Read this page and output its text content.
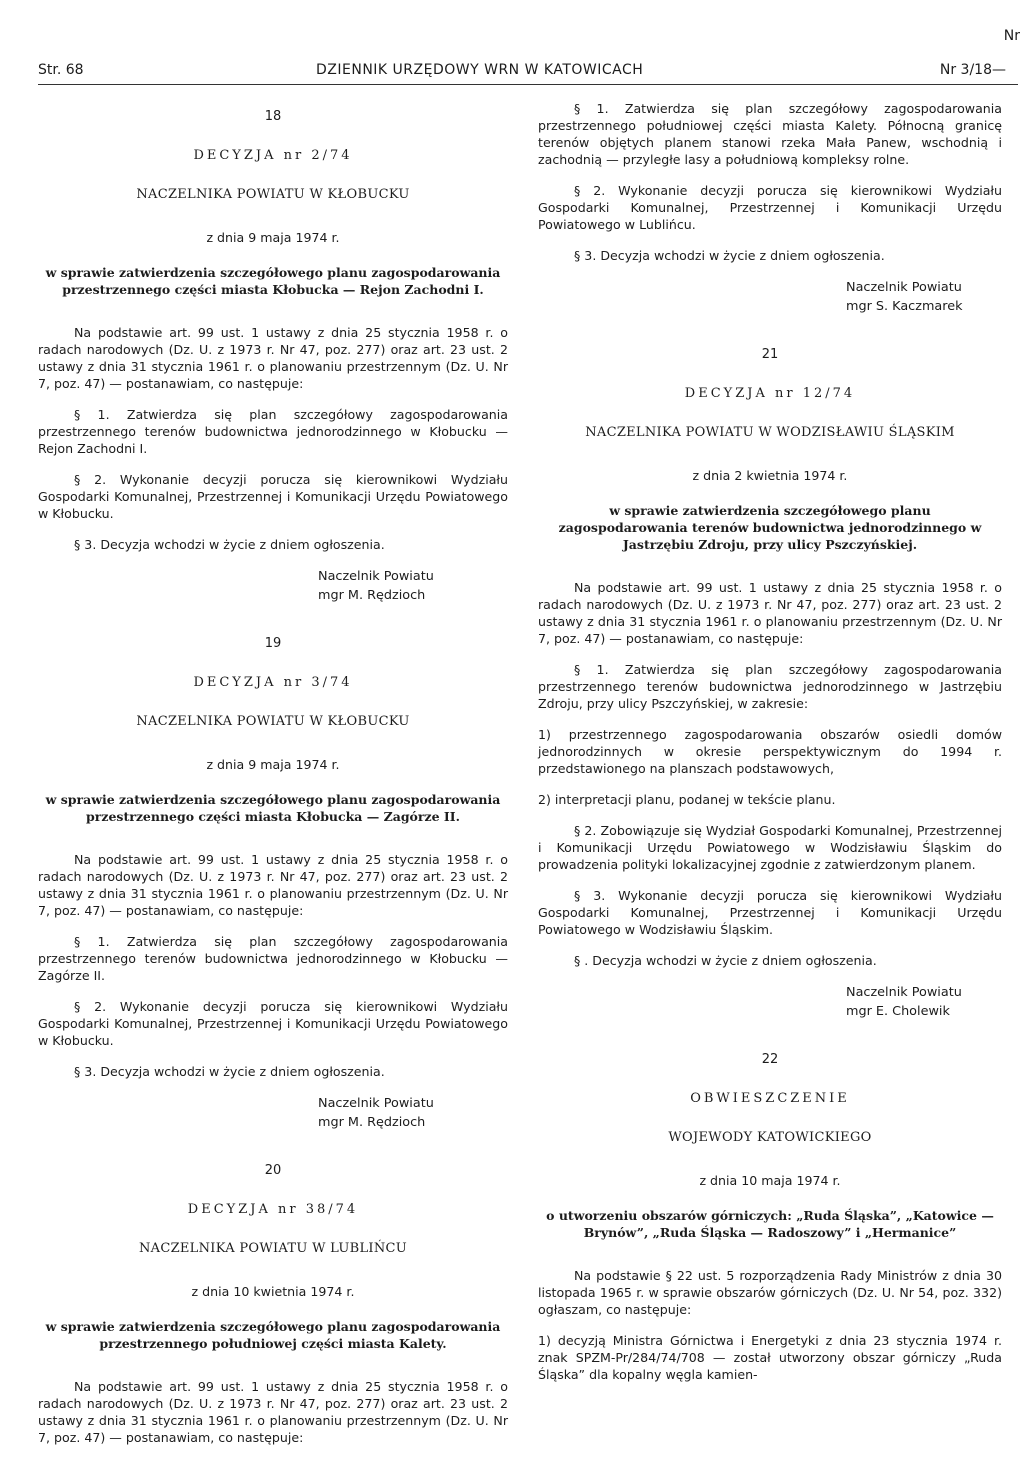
Nr
Str. 68	DZIENNIK URZĘDOWY WRN W KATOWICACH	Nr 3/18—
18
DECYZJA nr 2/74
NACZELNIKA POWIATU W KŁOBUCKU
z dnia 9 maja 1974 r.
w sprawie zatwierdzenia szczegółowego planu zagospodarowania przestrzennego części miasta Kłobucka — Rejon Zachodni I.

Na podstawie art. 99 ust. 1 ustawy z dnia 25 stycznia 1958 r. o radach narodowych (Dz. U. z 1973 r. Nr 47, poz. 277) oraz art. 23 ust. 2 ustawy z dnia 31 stycznia 1961 r. o planowaniu przestrzennym (Dz. U. Nr 7, poz. 47) — postanawiam, co następuje:

§ 1. Zatwierdza się plan szczegółowy zagospodarowania przestrzennego terenów budownictwa jednorodzinnego w Kłobucku — Rejon Zachodni I.

§ 2. Wykonanie decyzji porucza się kierownikowi Wydziału Gospodarki Komunalnej, Przestrzennej i Komunikacji Urzędu Powiatowego w Kłobucku.

§ 3. Decyzja wchodzi w życie z dniem ogłoszenia.

Naczelnik Powiatu
mgr M. Rędzioch
19
DECYZJA nr 3/74
NACZELNIKA POWIATU W KŁOBUCKU
z dnia 9 maja 1974 r.
w sprawie zatwierdzenia szczegółowego planu zagospodarowania przestrzennego części miasta Kłobucka — Zagórze II.

Na podstawie art. 99 ust. 1 ustawy z dnia 25 stycznia 1958 r. o radach narodowych (Dz. U. z 1973 r. Nr 47, poz. 277) oraz art. 23 ust. 2 ustawy z dnia 31 stycznia 1961 r. o planowaniu przestrzennym (Dz. U. Nr 7, poz. 47) — postanawiam, co następuje:

§ 1. Zatwierdza się plan szczegółowy zagospodarowania przestrzennego terenów budownictwa jednorodzinnego w Kłobucku — Zagórze II.

§ 2. Wykonanie decyzji porucza się kierownikowi Wydziału Gospodarki Komunalnej, Przestrzennej i Komunikacji Urzędu Powiatowego w Kłobucku.

§ 3. Decyzja wchodzi w życie z dniem ogłoszenia.

Naczelnik Powiatu
mgr M. Rędzioch
20
DECYZJA nr 38/74
NACZELNIKA POWIATU W LUBLIŃCU
z dnia 10 kwietnia 1974 r.
w sprawie zatwierdzenia szczegółowego planu zagospodarowania przestrzennego południowej części miasta Kalety.

Na podstawie art. 99 ust. 1 ustawy z dnia 25 stycznia 1958 r. o radach narodowych (Dz. U. z 1973 r. Nr 47, poz. 277) oraz art. 23 ust. 2 ustawy z dnia 31 stycznia 1961 r. o planowaniu przestrzennym (Dz. U. Nr 7, poz. 47) — postanawiam, co następuje:

§ 1. Zatwierdza się plan szczegółowy zagospodarowania przestrzennego południowej części miasta Kalety. Północną granicę terenów objętych planem stanowi rzeka Mała Panew, wschodnią i zachodnią — przyległe lasy a południową kompleksy rolne.

§ 2. Wykonanie decyzji porucza się kierownikowi Wydziału Gospodarki Komunalnej, Przestrzennej i Komunikacji Urzędu Powiatowego w Lublińcu.

§ 3. Decyzja wchodzi w życie z dniem ogłoszenia.

Naczelnik Powiatu
mgr S. Kaczmarek
21
DECYZJA nr 12/74
NACZELNIKA POWIATU W WODZISŁAWIU ŚLĄSKIM
z dnia 2 kwietnia 1974 r.
w sprawie zatwierdzenia szczegółowego planu zagospodarowania terenów budownictwa jednorodzinnego w Jastrzębiu Zdroju, przy ulicy Pszczyńskiej.

Na podstawie art. 99 ust. 1 ustawy z dnia 25 stycznia 1958 r. o radach narodowych (Dz. U. z 1973 r. Nr 47, poz. 277) oraz art. 23 ust. 2 ustawy z dnia 31 stycznia 1961 r. o planowaniu przestrzennym (Dz. U. Nr 7, poz. 47) — postanawiam, co następuje:

§ 1. Zatwierdza się plan szczegółowy zagospodarowania przestrzennego terenów budownictwa jednorodzinnego w Jastrzębiu Zdroju, przy ulicy Pszczyńskiej, w zakresie:

1) przestrzennego zagospodarowania obszarów osiedli domów jednorodzinnych w okresie perspektywicznym do 1994 r. przedstawionego na planszach podstawowych,

2) interpretacji planu, podanej w tekście planu.

§ 2. Zobowiązuje się Wydział Gospodarki Komunalnej, Przestrzennej i Komunikacji Urzędu Powiatowego w Wodzisławiu Śląskim do prowadzenia polityki lokalizacyjnej zgodnie z zatwierdzonym planem.

§ 3. Wykonanie decyzji porucza się kierownikowi Wydziału Gospodarki Komunalnej, Przestrzennej i Komunikacji Urzędu Powiatowego w Wodzisławiu Śląskim.

§ . Decyzja wchodzi w życie z dniem ogłoszenia.

Naczelnik Powiatu
mgr E. Cholewik
22
OBWIESZCZENIE
WOJEWODY KATOWICKIEGO
z dnia 10 maja 1974 r.
o utworzeniu obszarów górniczych: „Ruda Śląska”, „Katowice — Brynów”, „Ruda Śląska — Radoszowy” i „Hermanice”

Na podstawie § 22 ust. 5 rozporządzenia Rady Ministrów z dnia 30 listopada 1965 r. w sprawie obszarów górniczych (Dz. U. Nr 54, poz. 332) ogłaszam, co następuje:

1) decyzją Ministra Górnictwa i Energetyki z dnia 23 stycznia 1974 r. znak SPZM-Pr/284/74/708 — został utworzony obszar górniczy „Ruda Śląska” dla kopalny węgla kamien-
